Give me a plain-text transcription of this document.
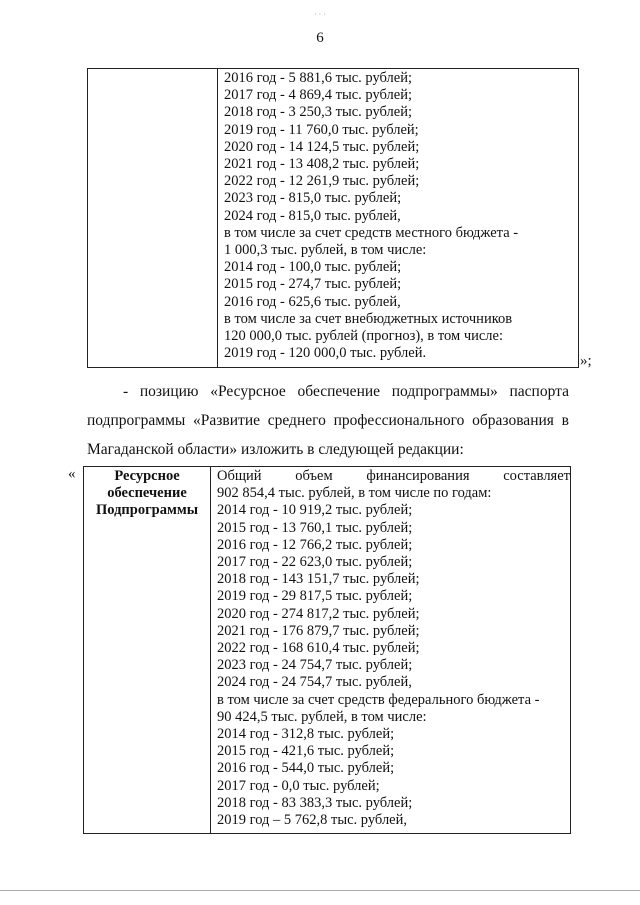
· · ·
6
2016 год - 5 881,6 тыс. рублей;
2017 год - 4 869,4 тыс. рублей;
2018 год - 3 250,3 тыс. рублей;
2019 год - 11 760,0 тыс. рублей;
2020 год - 14 124,5 тыс. рублей;
2021 год - 13 408,2 тыс. рублей;
2022 год - 12 261,9 тыс. рублей;
2023 год - 815,0 тыс. рублей;
2024 год - 815,0 тыс. рублей,
в том числе за счет средств местного бюджета -
1 000,3 тыс. рублей, в том числе:
2014 год - 100,0 тыс. рублей;
2015 год - 274,7 тыс. рублей;
2016 год - 625,6 тыс. рублей,
в том числе за счет внебюджетных источников
120 000,0 тыс. рублей (прогноз), в том числе:
2019 год - 120 000,0 тыс. рублей.	»;
- позицию «Ресурсное обеспечение подпрограммы» паспорта
подпрограммы «Развитие среднего профессионального образования в
Магаданской области» изложить в следующей редакции:
«	Ресурсное
обеспечение
Подпрограммы
Общий объем финансирования составляет
902 854,4 тыс. рублей, в том числе по годам:
2014 год - 10 919,2 тыс. рублей;
2015 год - 13 760,1 тыс. рублей;
2016 год - 12 766,2 тыс. рублей;
2017 год - 22 623,0 тыс. рублей;
2018 год - 143 151,7 тыс. рублей;
2019 год - 29 817,5 тыс. рублей;
2020 год - 274 817,2 тыс. рублей;
2021 год - 176 879,7 тыс. рублей;
2022 год - 168 610,4 тыс. рублей;
2023 год - 24 754,7 тыс. рублей;
2024 год - 24 754,7 тыс. рублей,
в том числе за счет средств федерального бюджета -
90 424,5 тыс. рублей, в том числе:
2014 год - 312,8 тыс. рублей;
2015 год - 421,6 тыс. рублей;
2016 год - 544,0 тыс. рублей;
2017 год - 0,0 тыс. рублей;
2018 год - 83 383,3 тыс. рублей;
2019 год – 5 762,8 тыс. рублей,
